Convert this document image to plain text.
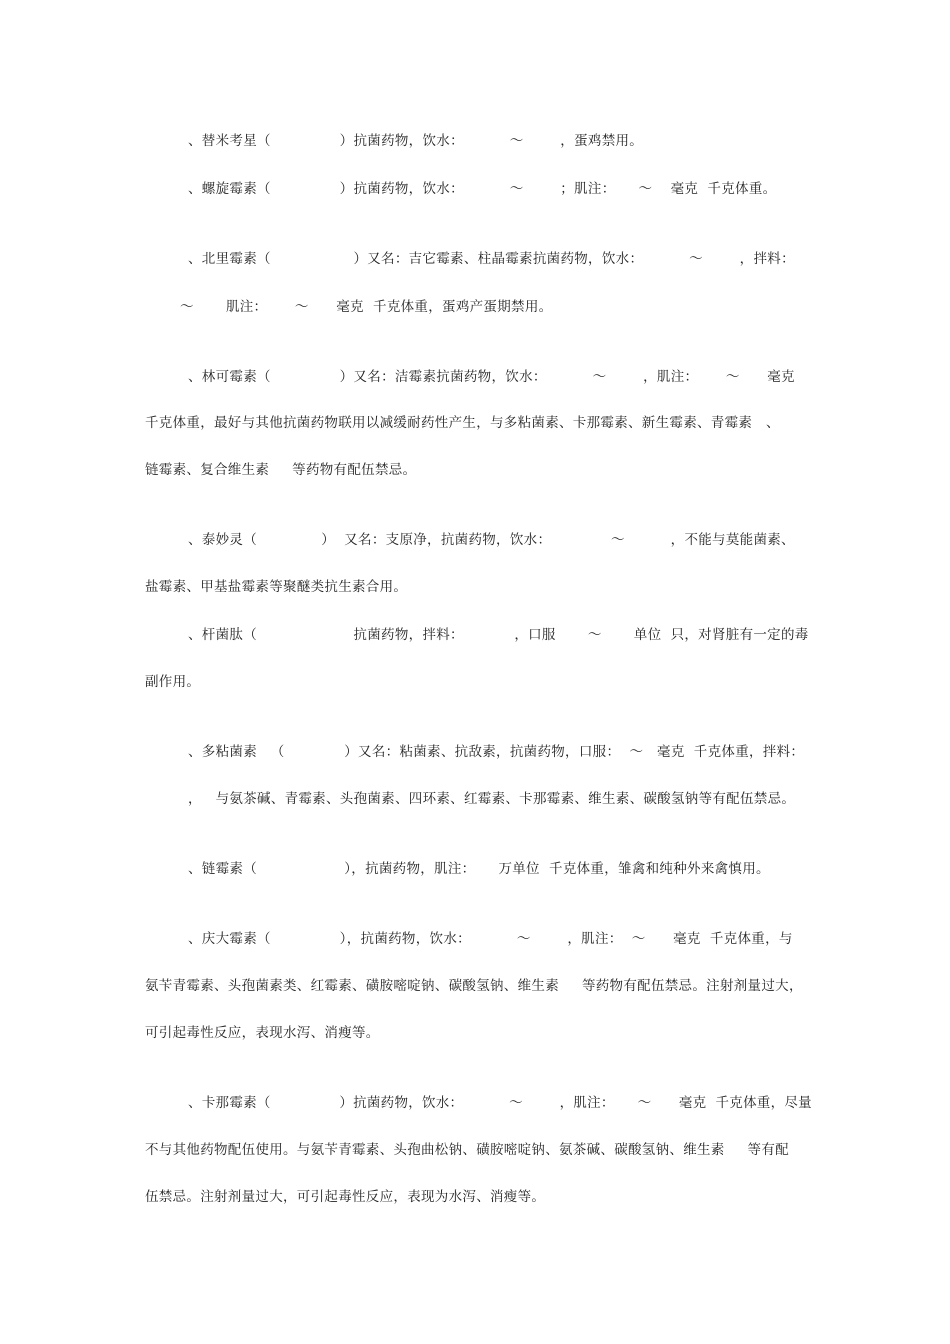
、替米考星（               ）抗菌药物，饮水：          ～        ，蛋鸡禁用。
、螺旋霉素（               ）抗菌药物，饮水：          ～        ；肌注：     ～    毫克  千克体重。
、北里霉素（                  ）又名：吉它霉素、柱晶霉素抗菌药物，饮水：          ～        ，拌料：
～       肌注：      ～      毫克  千克体重，蛋鸡产蛋期禁用。
、林可霉素（               ）又名：洁霉素抗菌药物，饮水：          ～        ，肌注：      ～      毫克
千克体重，最好与其他抗菌药物联用以减缓耐药性产生，与多粘菌素、卡那霉素、新生霉素、青霉素   、
链霉素、复合维生素     等药物有配伍禁忌。
、泰妙灵（              ）  又名：支原净，抗菌药物，饮水：             ～          ，不能与莫能菌素、
盐霉素、甲基盐霉素等聚醚类抗生素合用。
、杆菌肽（                     抗菌药物，拌料：           ，口服       ～       单位  只，对肾脏有一定的毒
副作用。
、多粘菌素   （             ）又名：粘菌素、抗敌素，抗菌药物，口服：  ～   毫克  千克体重，拌料：
，   与氨茶碱、青霉素、头孢菌素、四环素、红霉素、卡那霉素、维生素、碳酸氢钠等有配伍禁忌。
、链霉素（                   ），抗菌药物，肌注：     万单位  千克体重，雏禽和纯种外来禽慎用。
、庆大霉素（               ），抗菌药物，饮水：          ～        ，肌注：  ～      毫克  千克体重，与
氨苄青霉素、头孢菌素类、红霉素、磺胺嘧啶钠、碳酸氢钠、维生素     等药物有配伍禁忌。注射剂量过大，
可引起毒性反应，表现水泻、消瘦等。
、卡那霉素（               ）抗菌药物，饮水：          ～        ，肌注：     ～      毫克  千克体重，尽量
不与其他药物配伍使用。与氨苄青霉素、头孢曲松钠、磺胺嘧啶钠、氨茶碱、碳酸氢钠、维生素     等有配
伍禁忌。注射剂量过大，可引起毒性反应，表现为水泻、消瘦等。
